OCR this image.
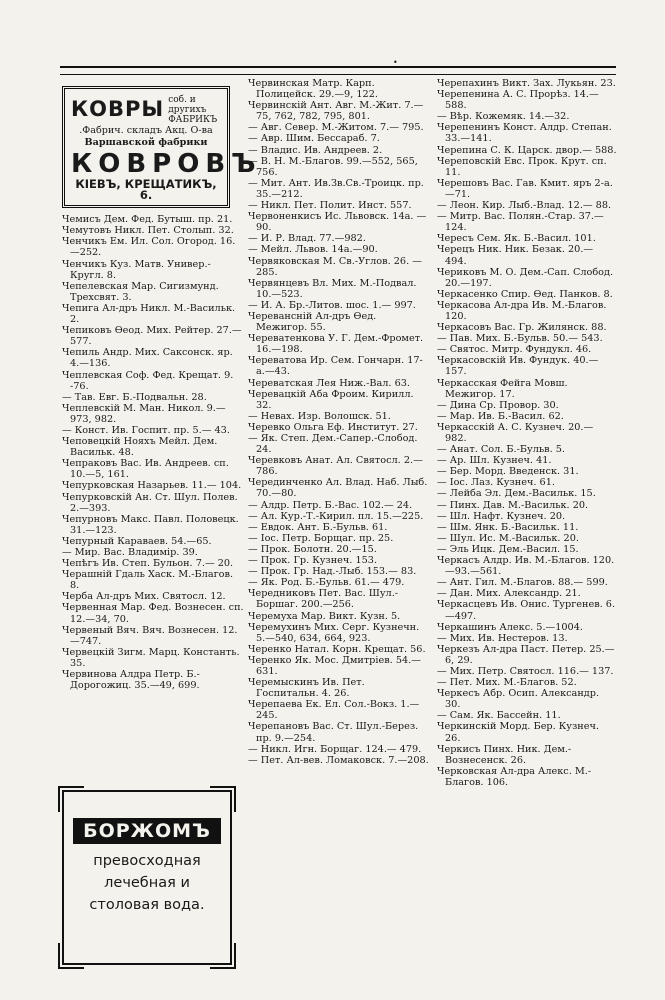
•
КОВРЫ соб. и другихъ
ФАБРИКЪ
.Фабрич. складъ Акц. О-ва
Варшавской фабрики
КОВРОВЪ
КІЕВЪ, КРЕЩАТИКЪ, 6.

Чемисъ Дем. Фед. Бутыш. пр. 21.

Чемутовъ Никл. Пет. Столып. 32.

Ченчикъ Ем. Ил. Сол. Огород. 16.—252.

Ченчикъ Куз. Матв. Универ.-Кругл. 8.

Чепелевская Мар. Сигизмунд. Трехсвят. 3.

Чепига Ал-дръ Никл. М.-Васильк. 2.

Чепиковъ Өеод. Мих. Рейтер. 27.—577.

Чепиль Андр. Мих. Саксонск. яр. 4.—136.

Чеплевская Соф. Фед. Крещат. 9. -76.

— Тав. Евг. Б.-Подвальн. 28.

Чеплевскій М. Ман. Никол. 9.— 973, 982.

— Конст. Ив. Госпит. пр. 5.— 43.

Чеповецкій Нояхъ Мейл. Дем. Васильк. 48.

Чепраковъ Вас. Ив. Андреев. сп. 10.—5, 161.

Чепурковская Назарьев. 11.— 104.

Чепурковскій Ан. Ст. Шул. Полев. 2.—393.

Чепурновъ Макс. Павл. Половецк. 31.—123.

Чепурный Караваев. 54.—65.

— Мир. Вас. Владимір. 39.

Чепѣгъ Ив. Степ. Бульон. 7.— 20.

Черашній Гдаль Хаск. М.-Благов. 8.

Черба Ал-дръ Мих. Святосл. 12.

Червенная Мар. Фед. Вознесен. сп. 12.—34, 70.

Червеный Вяч. Вяч. Вознесен. 12.—747.

Червецкій Зигм. Марц. Константь. 35.

Червинова Алдра Петр. Б.-Дорогожиц. 35.—49, 699.

Червинская Матр. Карп. Полицейск. 29.—9, 122.

Червинскій Ант. Авг. М.-Жит. 7.—75, 762, 782, 795, 801.

— Авг. Север. М.-Житом. 7.— 795.

— Авр. Шим. Бессараб. 7.

— Владис. Ив. Андреев. 2.

— В. Н. М.-Благов. 99.—552, 565, 756.

— Мит. Ант. Ив.Зв.Св.-Троицк. пр. 35.—212.

— Никл. Пет. Полит. Инст. 557.

Червоненкисъ Ис. Львовск. 14а. —90.

— И. Р. Влад. 77.—982.

— Мейл. Львов. 14а.—90.

Червяковская М. Св.-Углов. 26. —285.

Червянцевъ Вл. Мих. М.-Подвал. 10.—523.

— И. А. Бр.-Литов. шос. 1.— 997.

Черевансній Ал-дръ Өед. Межигор. 55.

Череватенкова У. Г. Дем.-Фромет. 16.—198.

Череватова Ир. Сем. Гончарн. 17-а.—43.

Череватская Лея Ниж.-Вал. 63.

Черевацкій Аба Фроим. Кирилл. 32.

— Невах. Изр. Волошск. 51.

Черевко Ольга Еф. Институт. 27.

— Як. Степ. Дем.-Сапер.-Слобод. 24.

Черевковъ Анат. Ал. Святосл. 2.—786.

Черединченко Ал. Влад. Наб. Лыб. 70.—80.

— Алдр. Петр. Б.-Вас. 102.— 24.

— Ал. Кур.-Т.-Кирил. пл. 15.—225.

— Евдок. Ант. Б.-Бульв. 61.

— Іос. Петр. Борщаг. пр. 25.

— Прок. Болотн. 20.—15.

— Прок. Гр. Кузнеч. 153.

— Прок. Гр. Над.-Лыб. 153.— 83.

— Як. Род. Б.-Бульв. 61.— 479.

Чередниковъ Пет. Вас. Шул.-Боршаг. 200.—256.

Черемуха Мар. Викт. Кузн. 5.

Черемухинъ Мих. Серг. Кузнечн. 5.—540, 634, 664, 923.

Черенко Натал. Корн. Крещат. 56.

Черенко Як. Мос. Дмитріев. 54.—631.

Черемыскинъ Ив. Пет. Госпитальн. 4. 26.

Черепаева Ек. Ел. Сол.-Вокз. 1.—245.

Черепановъ Вас. Ст. Шул.-Берез. пр. 9.—254.

— Никл. Игн. Борщаг. 124.— 479.

— Пет. Ал-вев. Ломаковск. 7.—208.

Черепахинъ Викт. Зах. Лукьян. 23.

Черепенина А. С. Прорѣз. 14.— 588.

— Вѣр. Кожемяк. 14.—32.

Черепенинъ Конст. Алдр. Степан. 33.—141.

Черепина С. К. Царск. двор.— 588.

Череповскій Евс. Прок. Крут. сп. 11.

Черешовъ Вас. Гав. Кмит. яръ 2-а.—71.

— Леон. Кир. Лыб.-Влад. 12.— 88.

— Митр. Вас. Полян.-Стар. 37.—124.

Чересъ Сем. Як. Б.-Васил. 101.

Черецъ Ник. Ник. Безак. 20.— 494.

Чериковъ М. О. Дем.-Сап. Слобод. 20.—197.

Черкасенко Спир. Өед. Панков. 8.

Черкасова Ал-дра Ив. М.-Благов. 120.

Черкасовъ Вас. Гр. Жилянск. 88.

— Пав. Мих. Б.-Бульв. 50.— 543.

— Святос. Митр. Фундукл. 46.

Черкасовскій Ив. Фундук. 40.—157.

Черкасская Фейга Мовш. Межигор. 17.

— Дина Ср. Провор. 30.

— Мар. Ив. Б.-Васил. 62.

Черкасскій А. С. Кузнеч. 20.— 982.

— Анат. Сол. Б.-Бульв. 5.

— Ар. Шл. Кузнеч. 41.

— Бер. Морд. Введенск. 31.

— Іос. Лаз. Кузнеч. 61.

— Лейба Эл. Дем.-Васильк. 15.

— Пинх. Дав. М.-Васильк. 20.

— Шл. Нафт. Кузнеч. 20.

— Шм. Янк. Б.-Васильк. 11.

— Шул. Ис. М.-Васильк. 20.

— Эль Ицк. Дем.-Васил. 15.

Черкасъ Алдр. Ив. М.-Благов. 120.—93.—561.

— Ант. Гил. М.-Благов. 88.— 599.

— Дан. Мих. Александр. 21.

Черкасцевъ Ив. Онис. Тургенев. 6.—497.

Черкашинъ Алекс. 5.—1004.

— Мих. Ив. Нестеров. 13.

Черкезъ Ал-дра Паст. Петер. 25.—6, 29.

— Мих. Петр. Святосл. 116.— 137.

— Пет. Мих. М.-Благов. 52.

Черкесъ Абр. Осип. Александр. 30.

— Сам. Як. Бассейн. 11.

Черкинскій Морд. Бер. Кузнеч. 26.

Черкисъ Пинх. Ник. Дем.-Вознесенск. 26.

Черковская Ал-дра Алекс. М.-Благов. 106.

БОРЖОМЪ
превосходная
лечебная и
столовая вода.
